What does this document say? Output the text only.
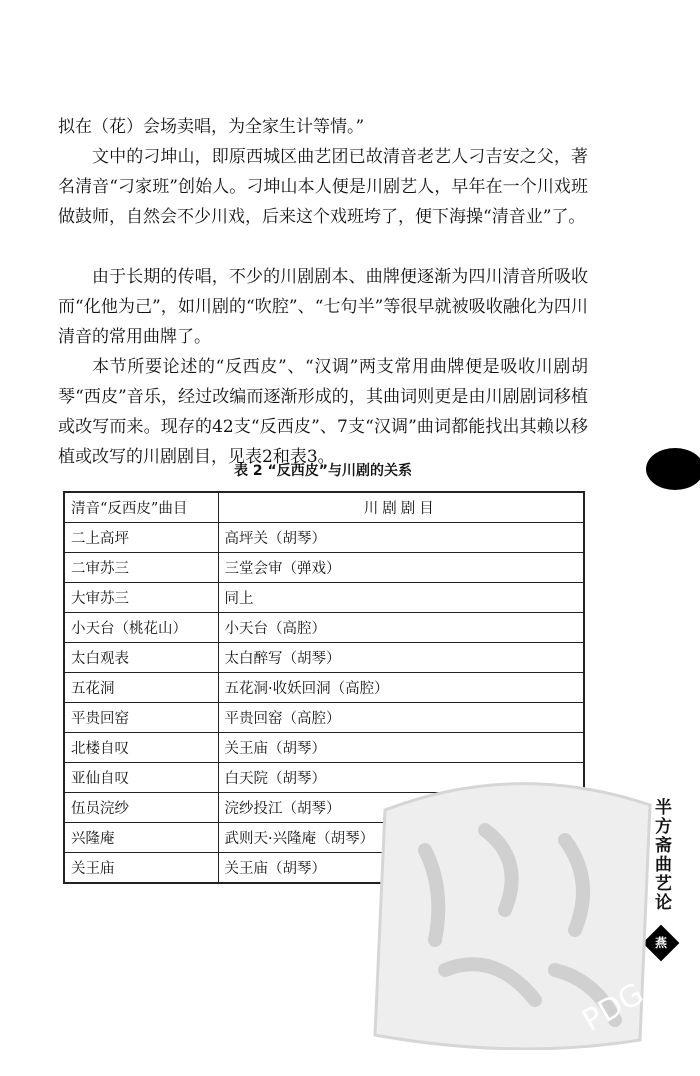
拟在（花）会场卖唱，为全家生计等情。”

文中的刁坤山，即原西城区曲艺团已故清音老艺人刁吉安之父，著名清音“刁家班”创始人。刁坤山本人便是川剧艺人，早年在一个川戏班做鼓师，自然会不少川戏，后来这个戏班垮了，便下海操“清音业”了。

由于长期的传唱，不少的川剧剧本、曲牌便逐渐为四川清音所吸收而“化他为己”，如川剧的“吹腔”、“七句半”等很早就被吸收融化为四川清音的常用曲牌了。

本节所要论述的“反西皮”、“汉调”两支常用曲牌便是吸收川剧胡琴“西皮”音乐，经过改编而逐渐形成的，其曲词则更是由川剧剧词移植或改写而来。现存的42支“反西皮”、7支“汉调”曲词都能找出其赖以移植或改写的川剧剧目，见表2和表3。

表 2 “反西皮”与川剧的关系
清音“反西皮”曲目	川剧剧目
二上高坪	高坪关（胡琴）
二审苏三	三堂会审（弹戏）
大审苏三	同上
小天台（桃花山）	小天台（高腔）
太白观表	太白醉写（胡琴）
五花洞	五花洞·收妖回洞（高腔）
平贵回窑	平贵回窑（高腔）
北楼自叹	关王庙（胡琴）
亚仙自叹	白天院（胡琴）
伍员浣纱	浣纱投江（胡琴）
兴隆庵	武则天·兴隆庵（胡琴）
关王庙	关王庙（胡琴）	半方斋曲艺论
燕
PDG
